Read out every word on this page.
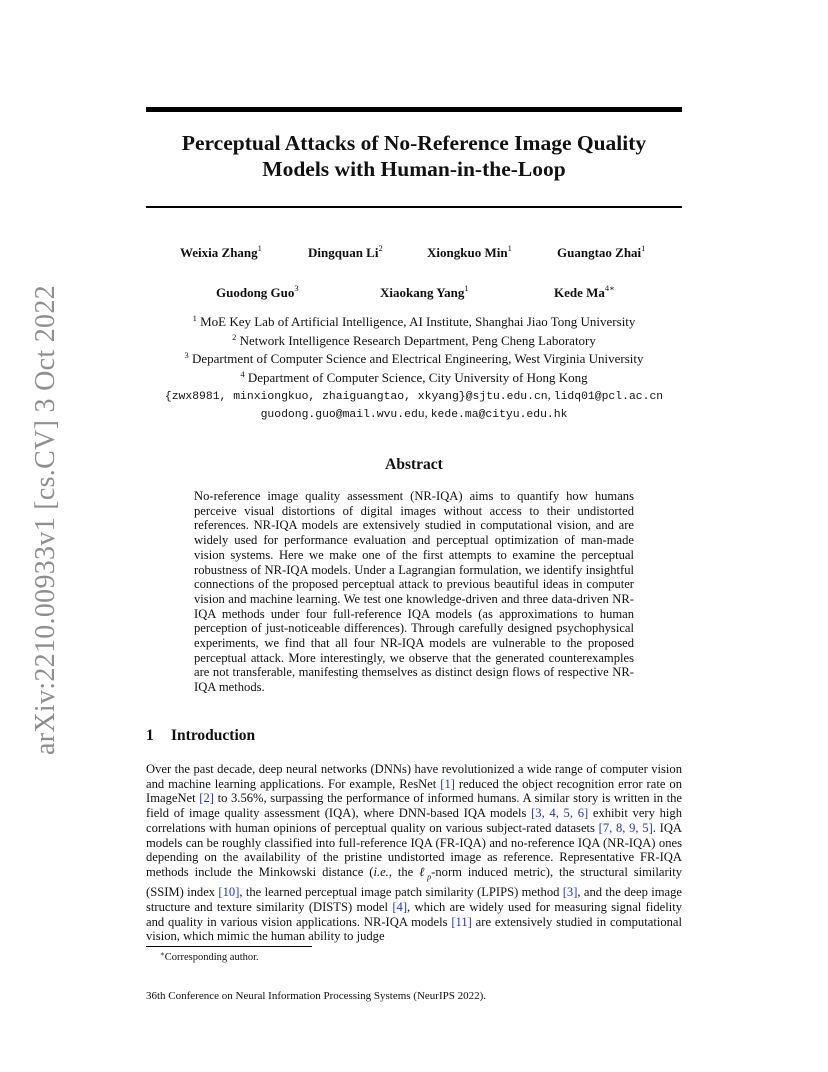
arXiv:2210.00933v1 [cs.CV] 3 Oct 2022
Perceptual Attacks of No-Reference Image Quality
Models with Human-in-the-Loop
Weixia Zhang$^1$	Dingquan Li$^2$	Xiongkuo Min$^1$	Guangtao Zhai$^1$
Guodong Guo$^3$	Xiaokang Yang$^1$	Kede $Ma^{4∗}$
$^1$ MoE Key Lab of Artificial Intelligence, AI Institute, Shanghai Jiao Tong University
$^2$ Network Intelligence Research Department, Peng Cheng Laboratory
$^3$ Department of Computer Science and Electrical Engineering, West Virginia University
$^4$ Department of Computer Science, City University of Hong Kong
{zwx8981, minxiongkuo, zhaiguangtao, xkyang}@sjtu.edu.cn, lidq01@pcl.ac.cn
guodong.guo@mail.wvu.edu, kede.ma@cityu.edu.hk
Abstract
No-reference image quality assessment (NR-IQA) aims to quantify how humans perceive visual distortions of digital images without access to their undistorted references. NR-IQA models are extensively studied in computational vision, and are widely used for performance evaluation and perceptual optimization of man-made vision systems. Here we make one of the first attempts to examine the perceptual robustness of NR-IQA models. Under a Lagrangian formulation, we identify insightful connections of the proposed perceptual attack to previous beautiful ideas in computer vision and machine learning. We test one knowledge-driven and three data-driven NR-IQA methods under four full-reference IQA models (as approximations to human perception of just-noticeable differences). Through carefully designed psychophysical experiments, we find that all four NR-IQA models are vulnerable to the proposed perceptual attack. More interestingly, we observe that the generated counterexamples are not transferable, manifesting themselves as distinct design flows of respective NR-IQA methods.
1 Introduction
Over the past decade, deep neural networks (DNNs) have revolutionized a wide range of computer vision and machine learning applications. For example, ResNet [1] reduced the object recognition error rate on ImageNet [2] to 3.56%, surpassing the performance of informed humans. A similar story is written in the field of image quality assessment (IQA), where DNN-based IQA models [3, 4, 5, 6] exhibit very high correlations with human opinions of perceptual quality on various subject-rated datasets [7, 8, 9, 5]. IQA models can be roughly classified into full-reference IQA (FR-IQA) and no-reference IQA (NR-IQA) ones depending on the availability of the pristine undistorted image as reference. Representative FR-IQA methods include the Minkowski distance (i.e., the ℓ$_p$-norm induced metric), the structural similarity (SSIM) index [10], the learned perceptual image patch similarity (LPIPS) method [3], and the deep image structure and texture similarity (DISTS) model [4], which are widely used for measuring signal fidelity and quality in various vision applications. NR-IQA models [11] are extensively studied in computational vision, which mimic the human ability to judge
∗Corresponding author.
36th Conference on Neural Information Processing Systems (NeurIPS 2022).
